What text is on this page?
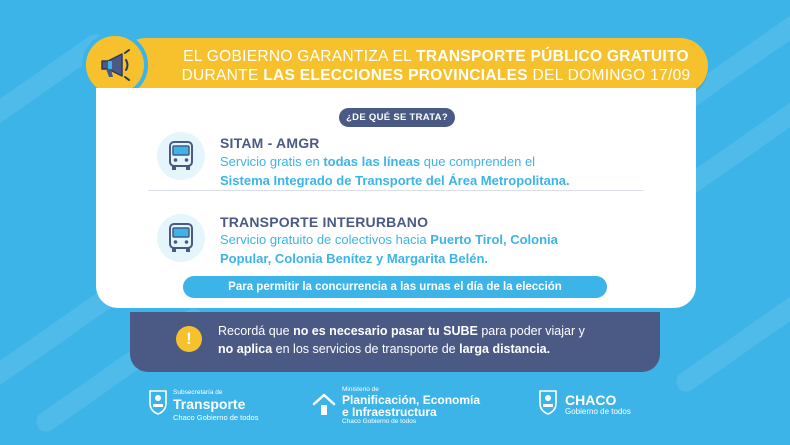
EL GOBIERNO GARANTIZA EL TRANSPORTE PÚBLICO GRATUITO
DURANTE LAS ELECCIONES PROVINCIALES DEL DOMINGO 17/09
¿DE QUÉ SE TRATA?
SITAM - AMGR
Servicio gratis en todas las líneas que comprenden el
Sistema Integrado de Transporte del Área Metropolitana.
TRANSPORTE INTERURBANO
Servicio gratuito de colectivos hacia Puerto Tirol, Colonia
Popular, Colonia Benítez y Margarita Belén.
Para permitir la concurrencia a las urnas el día de la elección
!	Recordá que no es necesario pasar tu SUBE para poder viajar y
no aplica en los servicios de transporte de larga distancia.
Subsecretaría de
Transporte
Chaco Gobierno de todos
Ministerio de
Planificación, Economía
e Infraestructura
Chaco Gobierno de todos
CHACO
Gobierno de todos
